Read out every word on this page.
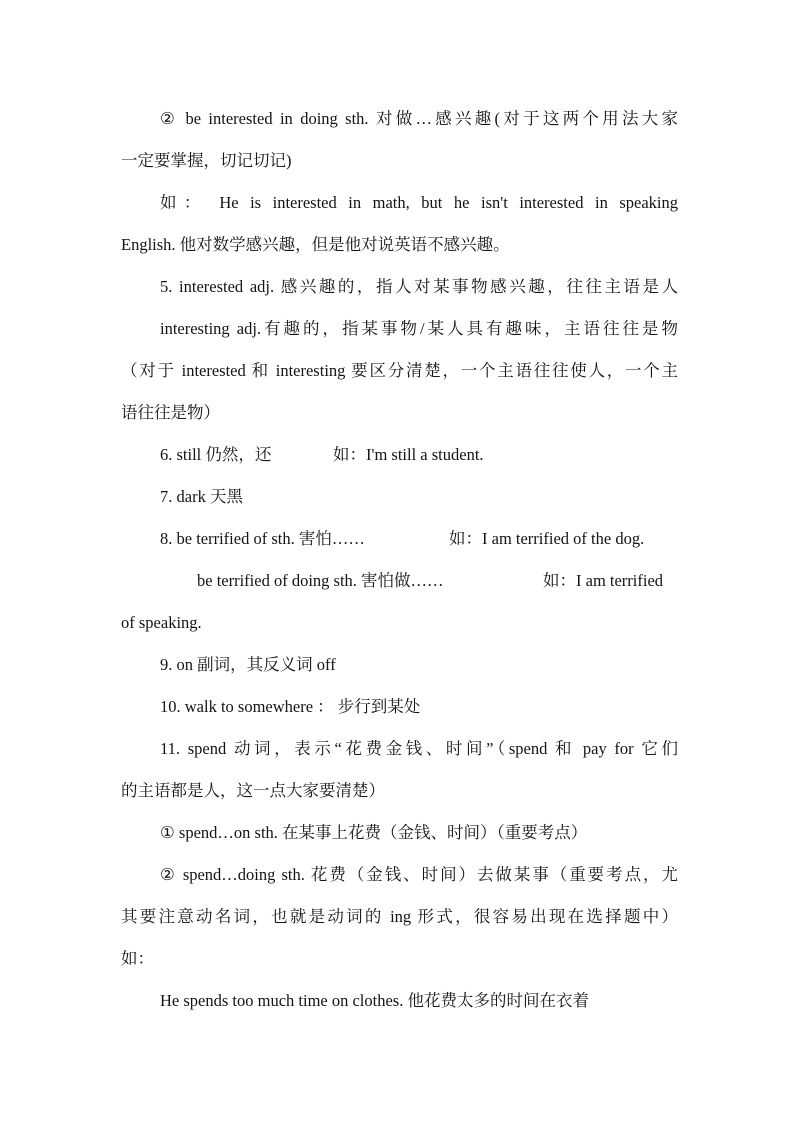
② be interested in doing sth. 对做…感兴趣(对于这两个用法大家
一定要掌握，切记切记)
如： He is interested in math, but he isn't interested in speaking
English. 他对数学感兴趣，但是他对说英语不感兴趣。
5. interested adj. 感兴趣的，指人对某事物感兴趣，往往主语是人
interesting adj.有趣的，指某事物/某人具有趣味，主语往往是物
（对于 interested 和 interesting 要区分清楚，一个主语往往使人，一个主
语往往是物）
6. still 仍然，还	如：I'm still a student.
7. dark 天黑
8. be terrified of sth. 害怕……	如：I am terrified of the dog.
be terrified of doing sth. 害怕做……	如：I am terrified
of speaking.
9. on 副词，其反义词 off
10. walk to somewhere ： 步行到某处
11. spend 动词，表示“花费金钱、时间”（spend 和 pay for 它们
的主语都是人，这一点大家要清楚）
① spend…on sth. 在某事上花费（金钱、时间）（重要考点）
② spend…doing sth. 花费（金钱、时间）去做某事（重要考点，尤
其要注意动名词，也就是动词的 ing 形式，很容易出现在选择题中）
如：
He spends too much time on clothes. 他花费太多的时间在衣着
